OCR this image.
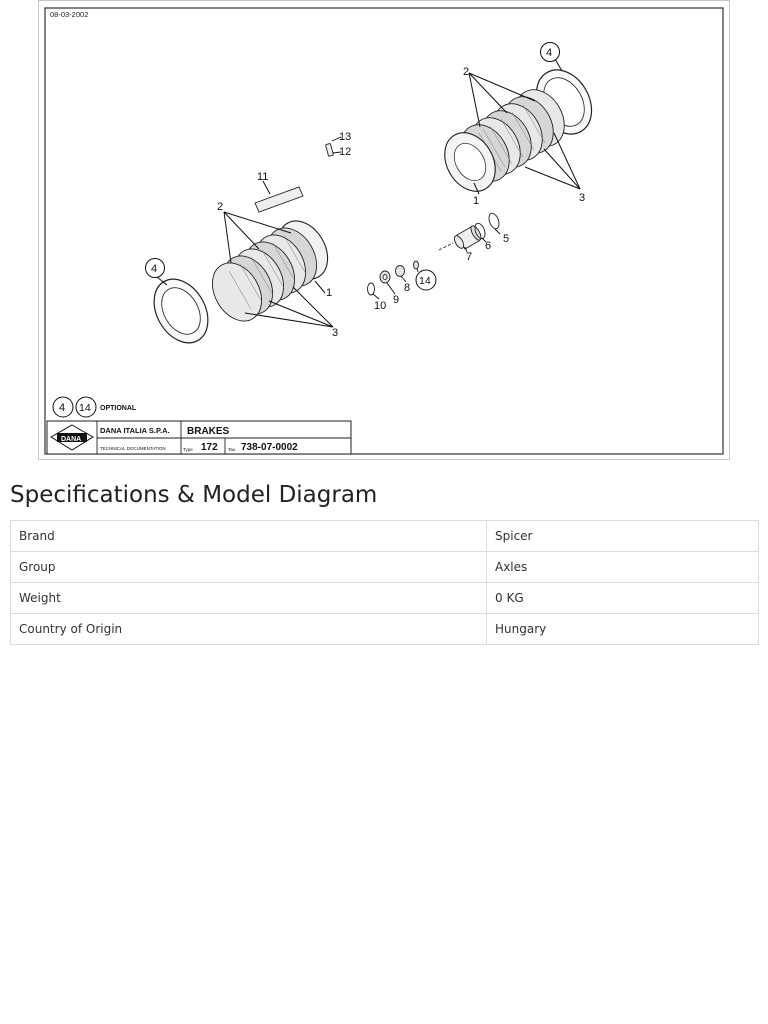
08-03-2002
2
4
3
1
13
12
11
2
4
1
3
5
6
7
8
9
10
14
4 14 OPTIONAL
DANA
DANA ITALIA S.P.A.
TECHNICAL DOCUMENTATION
BRAKES
Type 172 Tav. 738-07-0002
Specifications & Model Diagram
Brand	Spicer
Group	Axles
Weight	0 KG
Country of Origin	Hungary
